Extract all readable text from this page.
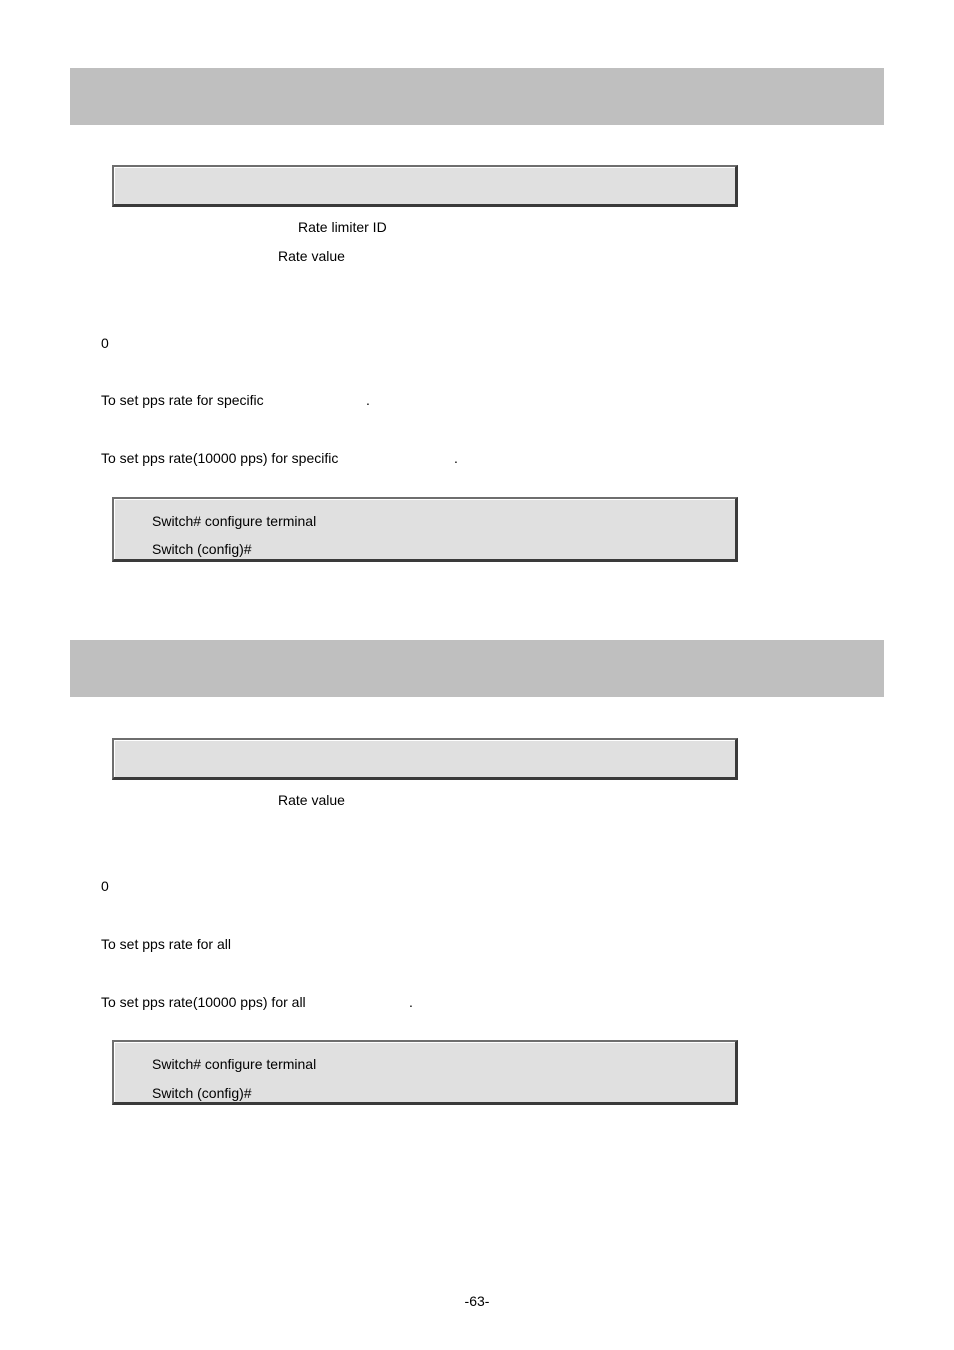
Rate limiter ID
Rate value
0
To set pps rate for specific	.
To set pps rate(10000 pps) for specific	.
Switch# configure terminal
Switch (config)#
Rate value
0
To set pps rate for all
To set pps rate(10000 pps) for all	.
Switch# configure terminal
Switch (config)#
-63-
